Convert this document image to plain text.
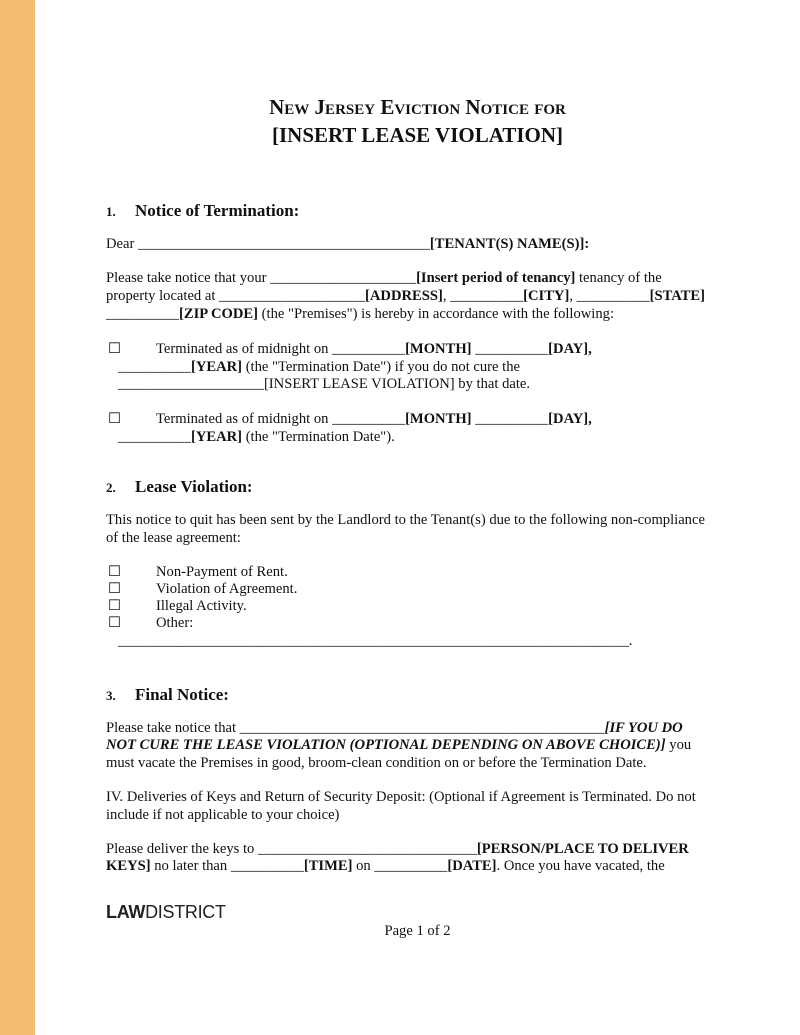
New Jersey Eviction Notice for
[INSERT LEASE VIOLATION]
1. Notice of Termination:
Dear ________________________________________[TENANT(S) NAME(S)]:
Please take notice that your ____________________[Insert period of tenancy] tenancy of the
property located at ____________________[ADDRESS], __________[CITY], __________[STATE]
__________[ZIP CODE] (the "Premises") is hereby in accordance with the following:
☐ Terminated as of midnight on __________[MONTH] __________[DAY],
__________[YEAR] (the "Termination Date") if you do not cure the
____________________[INSERT LEASE VIOLATION] by that date.
☐ Terminated as of midnight on __________[MONTH] __________[DAY],
__________[YEAR] (the "Termination Date").
2. Lease Violation:
This notice to quit has been sent by the Landlord to the Tenant(s) due to the following non-compliance
of the lease agreement:
☐ Non-Payment of Rent.
☐ Violation of Agreement.
☐ Illegal Activity.
☐ Other:
______________________________________________________________________.
3. Final Notice:
Please take notice that __________________________________________________[IF YOU DO
NOT CURE THE LEASE VIOLATION (OPTIONAL DEPENDING ON ABOVE CHOICE)] you
must vacate the Premises in good, broom-clean condition on or before the Termination Date.
IV. Deliveries of Keys and Return of Security Deposit: (Optional if Agreement is Terminated. Do not
include if not applicable to your choice)
Please deliver the keys to ______________________________[PERSON/PLACE TO DELIVER
KEYS] no later than __________[TIME] on __________[DATE]. Once you have vacated, the
LAWDISTRICT
Page 1 of 2
